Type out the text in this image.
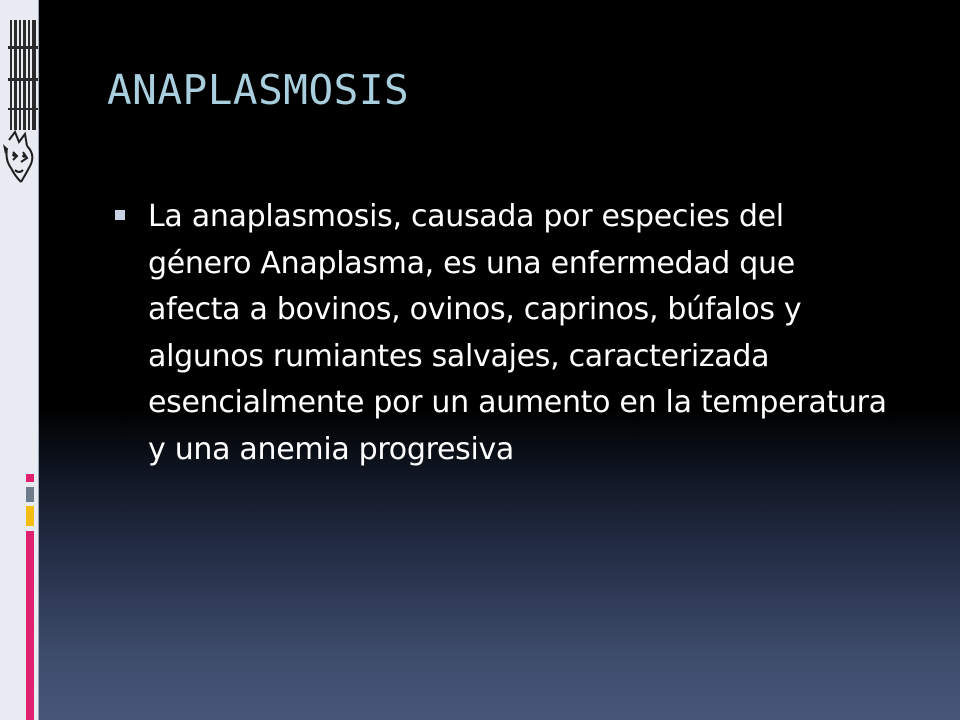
ANAPLASMOSIS
La anaplasmosis, causada por especies del género Anaplasma, es una enfermedad que afecta a bovinos, ovinos, caprinos, búfalos y algunos rumiantes salvajes, caracterizada esencialmente por un aumento en la temperatura y una anemia progresiva
